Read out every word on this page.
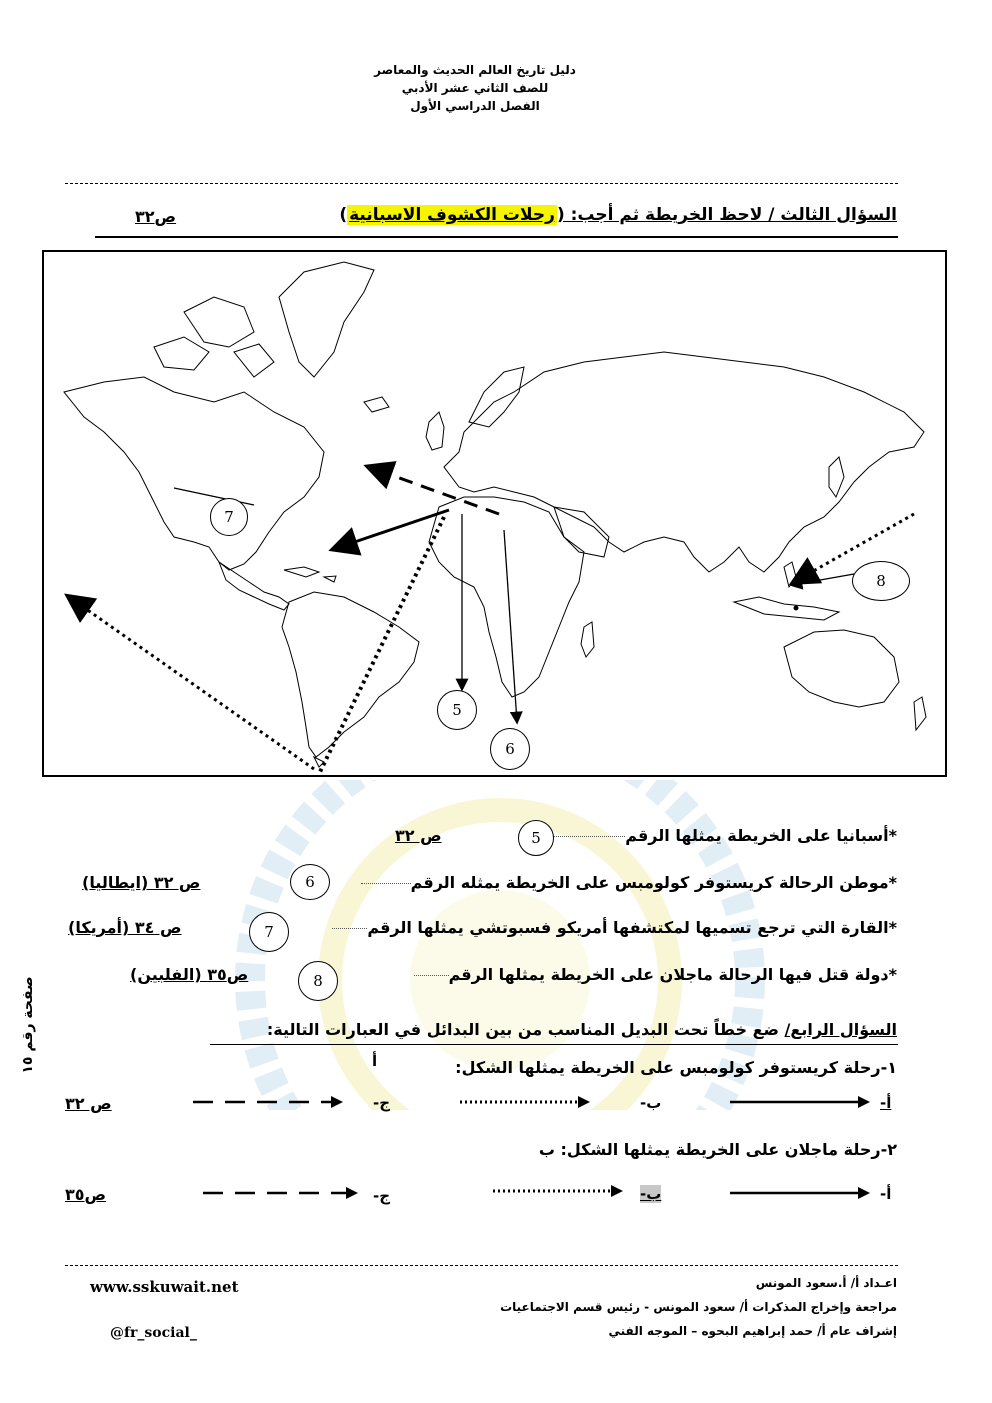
دليل تاريخ العالم الحديث والمعاصر
للصف الثاني عشر الأدبي
الفصل الدراسي الأول
السؤال الثالث / لاحظ الخريطة ثم أجب: (رحلات الكشوف الاسبانية)
ص٣٢
7
5
6
8
*أسبانيا على الخريطة يمثلها الرقم
5
ص ٣٢
*موطن الرحالة كريستوفر كولومبس على الخريطة يمثله الرقم
6
ص ٣٢ (ايطاليا)
*القارة التي ترجع تسميها لمكتشفها أمريكو فسبوتشي يمثلها الرقم
7
ص ٣٤ (أمريكا)
*دولة قتل فيها الرحالة ماجلان على الخريطة يمثلها الرقم
8
ص٣٥ (الفلبين)
صفحة رقم ١٥	السؤال الرابع/ ضع خطاً تحت البديل المناسب من بين البدائل في العبارات التالية:
١-رحلة كريستوفر كولومبس على الخريطة يمثلها الشكل:
أ
أ-
ب-
ج-
ص ٣٢
٢-رحلة ماجلان على الخريطة يمثلها الشكل: ب
أ-
ب-
ج-
ص٣٥
اعـداد أ/ أ.سعود المونس
مراجعة وإخراج المذكرات أ/ سعود المونس - رئيس قسم الاجتماعيات
إشراف عام أ/ حمد إبراهيم البحوه – الموجه الفني
www.sskuwait.net
@fr_social_
